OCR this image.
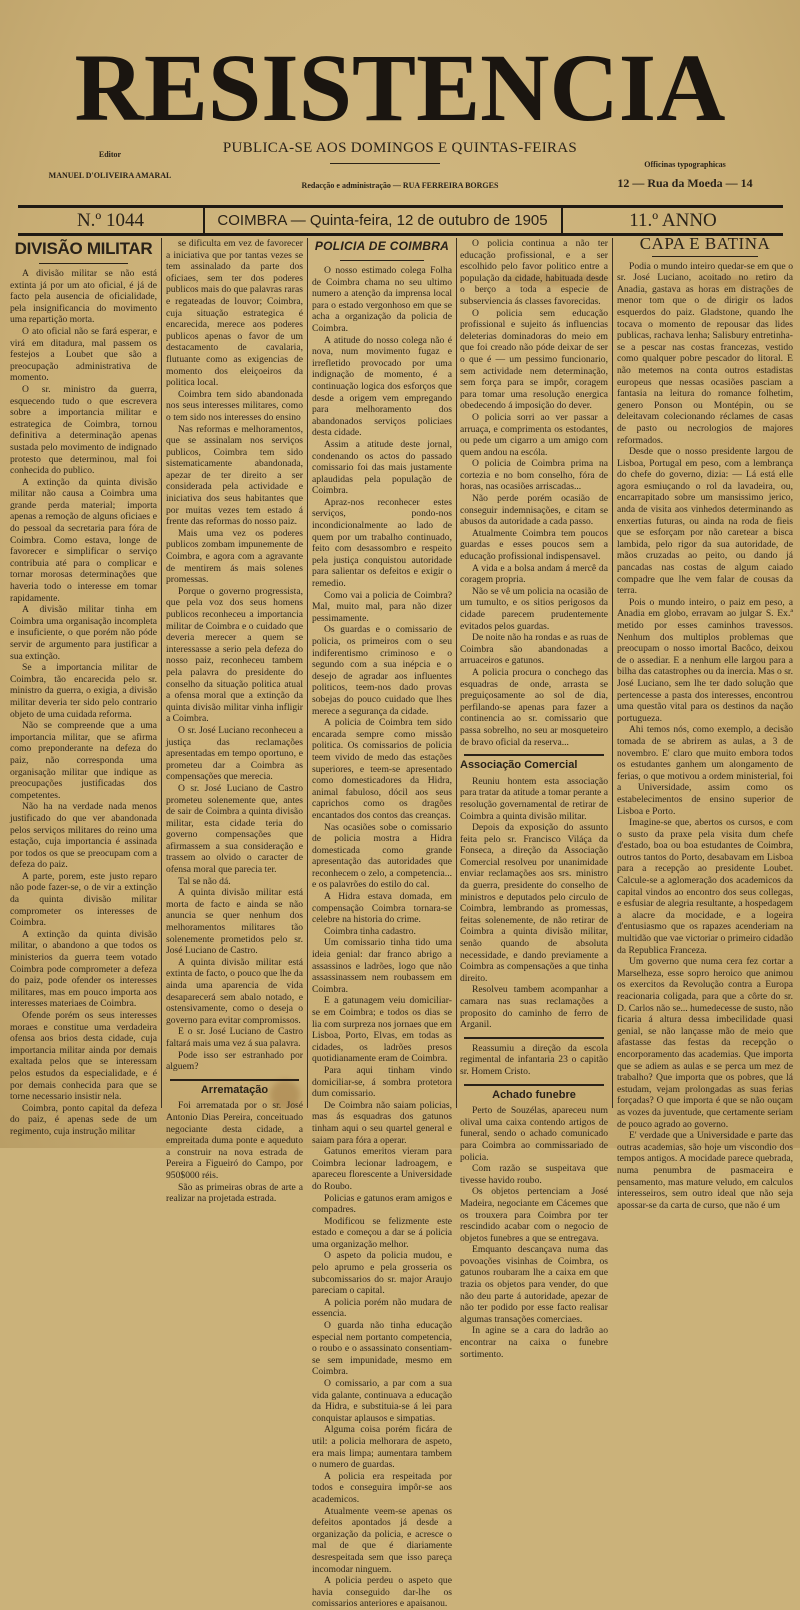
RESISTENCIA
PUBLICA-SE AOS DOMINGOS E QUINTAS-FEIRAS
Editor
MANUEL D'OLIVEIRA AMARAL
Redacção e administração — RUA FERREIRA BORGES
Officinas typographicas
12 — Rua da Moeda — 14
N.º 1044	COIMBRA — Quinta-feira, 12 de outubro de 1905	11.º ANNO
DIVISÃO MILITAR

A divisão militar se não está extinta já por um ato oficial, é já de facto pela ausencia de oficialidade, pela insignificancia do movimento uma repartição morta.

O ato oficial não se fará esperar, e virá em ditadura, mal passem os festejos a Loubet que são a preocupação administrativa de momento.

O sr. ministro da guerra, esquecendo tudo o que escrevera sobre a importancia militar e estrategica de Coimbra, tornou definitiva a determinação apenas sustada pelo movimento de indignado protesto que determinou, mal foi conhecida do publico.

A extinção da quinta divisão militar não causa a Coimbra uma grande perda material; importa apenas a remoção de alguns oficiaes e do pessoal da secretaria para fóra de Coimbra. Como estava, longe de favorecer e simplificar o serviço contribuia até para o complicar e tornar morosas determinações que haveria todo o interesse em tomar rapidamente.

A divisão militar tinha em Coimbra uma organisação incompleta e insuficiente, o que porém não póde servir de argumento para justificar a sua extinção.

Se a importancia militar de Coimbra, tão encarecida pelo sr. ministro da guerra, o exigia, a divisão militar deveria ter sido pelo contrario objeto de uma cuidada reforma.

Não se compreende que a uma importancia militar, que se afirma como preponderante na defeza do paiz, não corresponda uma organisação militar que indique as preocupações justificadas dos competentes.

Não ha na verdade nada menos justificado do que ver abandonada pelos serviços militares do reino uma estação, cuja importancia é assinada por todos os que se preocupam com a defeza do paiz.

A parte, porem, este justo reparo não pode fazer-se, o de vir a extinção da quinta divisão militar comprometer os interesses de Coimbra.

A extinção da quinta divisão militar, o abandono a que todos os ministerios da guerra teem votado Coimbra pode comprometer a defeza do paiz, pode ofender os interesses militares, mas em pouco importa aos interesses materiaes de Coimbra.

Ofende porém os seus interesses moraes e constitue uma verdadeira ofensa aos brios desta cidade, cuja importancia militar ainda por demais exaltada pelos que se interessam pelos estudos da especialidade, e é por demais conhecida para que se torne necessario insistir nela.

Coimbra, ponto capital da defeza do paiz, é apenas sede de um regimento, cuja instrução militar

se dificulta em vez de favorecer a iniciativa que por tantas vezes se tem assinalado da parte dos oficiaes, sem ter dos poderes publicos mais do que palavras raras e regateadas de louvor; Coimbra, cuja situação estrategica é encarecida, merece aos poderes publicos apenas o favor de um destacamento de cavalaria, flutuante como as exigencias de momento dos eleiçoeiros da politica local.

Coimbra tem sido abandonada nos seus interesses militares, como o tem sido nos interesses do ensino

Nas reformas e melhoramentos, que se assinalam nos serviços publicos, Coimbra tem sido sistematicamente abandonada, apezar de ter direito a ser considerada pela actividade e iniciativa dos seus habitantes que por muitas vezes tem estado á frente das reformas do nosso paiz.

Mais uma vez os poderes publicos zombam impunemente de Coimbra, e agora com a agravante de mentirem ás mais solenes promessas.

Porque o governo progressista, que pela voz dos seus homens publicos reconheceu a importancia militar de Coimbra e o cuidado que deveria merecer a quem se interessasse a serio pela defeza do nosso paiz, reconheceu tambem pela palavra do presidente do conselho da situação politica atual a ofensa moral que a extinção da quinta divisão militar vinha infligir a Coimbra.

O sr. José Luciano reconheceu a justiça das reclamações apresentadas em tempo oportuno, e prometeu dar a Coimbra as compensações que merecia.

O sr. José Luciano de Castro prometeu solenemente que, antes de sair de Coimbra a quinta divisão militar, esta cidade teria do governo compensações que afirmassem a sua consideração e trassem ao olvido o caracter de ofensa moral que parecia ter.

Tal se não dá.

A quinta divisão militar está morta de facto e ainda se não anuncia se quer nenhum dos melhoramentos militares tão solenemente prometidos pelo sr. José Luciano de Castro.

A quinta divisão militar está extinta de facto, o pouco que lhe da ainda uma aparencia de vida desaparecerá sem abalo notado, e ostensivamente, como o deseja o governo para evitar compromissos.

E o sr. José Luciano de Castro faltará mais uma vez á sua palavra.

Pode isso ser estranhado por alguem?

Arrematação

Foi arrematada por o sr. José Antonio Dias Pereira, conceituado negociante desta cidade, a empreitada duma ponte e aqueduto a construir na nova estrada de Pereira a Figueiró do Campo, por 950$000 réis.

São as primeiras obras de arte a realizar na projetada estrada.

POLICIA DE COIMBRA

O nosso estimado colega Folha de Coimbra chama no seu ultimo numero a atenção da imprensa local para o estado vergonhoso em que se acha a organização da policia de Coimbra.

A atitude do nosso colega não é nova, num movimento fugaz e irrefletido provocado por uma indignação de momento, é a continuação logica dos esforços que desde a origem vem empregando para melhoramento dos abandonados serviços policiaes desta cidade.

Assim a atitude deste jornal, condenando os actos do passado comissario foi das mais justamente aplaudidas pela população de Coimbra.

Apraz-nos reconhecer estes serviços, pondo-nos incondicionalmente ao lado de quem por um trabalho continuado, feito com desassombro e respeito pela justiça conquistou autoridade para salientar os defeitos e exigir o remedio.

Como vai a policia de Coimbra? Mal, muito mal, para não dizer pessimamente.

Os guardas e o comissario de policia, os primeiros com o seu indiferentismo criminoso e o segundo com a sua inépcia e o desejo de agradar aos influentes politicos, teem-nos dado provas sobejas do pouco cuidado que lhes merece a segurança da cidade.

A policia de Coimbra tem sido encarada sempre como missão politica. Os comissarios de policia teem vivido de medo das estações superiores, e teem-se apresentado como domesticadores da Hidra, animal fabuloso, dócil aos seus caprichos como os dragões encantados dos contos das creanças.

Nas ocasiões sobe o comissario de policia mostra a Hidra domesticada como grande apresentação das autoridades que reconhecem o zelo, a competencia... e os palavrões do estilo do cal.

A Hidra estava domada, em compensação Coimbra tornara-se celebre na historia do crime.

Coimbra tinha cadastro.

Um comissario tinha tido uma ideia genial: dar franco abrigo a assassinos e ladrões, logo que não assassinassem nem roubassem em Coimbra.

E a gatunagem veiu domiciliar-se em Coimbra; e todos os dias se lia com surpreza nos jornaes que em Lisboa, Porto, Elvas, em todas as cidades, os ladrões presos quotidianamente eram de Coimbra.

Para aqui tinham vindo domiciliar-se, á sombra protetora dum comissario.

De Coimbra não saiam policias, mas ás esquadras dos gatunos tinham aqui o seu quartel general e saiam para fóra a operar.

Gatunos emeritos vieram para Coimbra lecionar ladroagem, e apareceu florescente a Universidade do Roubo.

Policias e gatunos eram amigos e compadres.

Modificou se felizmente este estado e começou a dar se á policia uma organização melhor.

O aspeto da policia mudou, e pelo aprumo e pela grosseria os subcomissarios do sr. major Araujo pareciam o capital.

A policia porém não mudara de essencia.

O guarda não tinha educação especial nem portanto competencia, o roubo e o assassinato consentiam-se sem impunidade, mesmo em Coimbra.

O comissario, a par com a sua vida galante, continuava a educação da Hidra, e substituia-se á lei para conquistar aplausos e simpatias.

Alguma coisa porém ficára de util: a policia melhorara de aspeto, era mais limpa; aumentara tambem o numero de guardas.

A policia era respeitada por todos e conseguira impôr-se aos academicos.

Atualmente veem-se apenas os defeitos apontados já desde a organização da policia, e acresce o mal de que é diariamente desrespeitada sem que isso pareça incomodar ninguem.

A policia perdeu o aspeto que havia conseguido dar-lhe os comissarios anteriores e apaisanou.

O policia continua a não ter educação profissional, e a ser escolhido pelo favor politico entre a população da cidade, habituada desde o berço a toda a especie de subserviencia ás classes favorecidas.

O policia sem educação profissional e sujeito ás influencias deleterias dominadoras do meio em que foi creado não póde deixar de ser o que é — um pessimo funcionario, sem actividade nem determinação, sem força para se impôr, coragem para tomar uma resolução energica obedecendo á imposição do dever.

O policia sorri ao ver passar a arruaça, e comprimenta os estodantes, ou pede um cigarro a um amigo com quem andou na escóla.

O policia de Coimbra prima na cortezia e no bom conselho, fóra de horas, nas ocasiões arriscadas...

Não perde porém ocasião de conseguir indemnisações, e citam se abusos da autoridade a cada passo.

Atualmente Coimbra tem poucos guardas e esses poucos sem a educação profissional indispensavel.

A vida e a bolsa andam á mercê da coragem propria.

Não se vê um policia na ocasião de um tumulto, e os sitios perigosos da cidade parecem prudentemente evitados pelos guardas.

De noite não ha rondas e as ruas de Coimbra são abandonadas a arruaceiros e gatunos.

A policia procura o conchego das esquadras de onde, arrasta se preguiçosamente ao sol de dia, perfilando-se apenas para fazer a continencia ao sr. comissario que passa sobrelho, no seu ar mosqueteiro de bravo oficial da reserva...

Associação Comercial

Reuniu hontem esta associação para tratar da atitude a tomar perante a resolução governamental de retirar de Coimbra a quinta divisão militar.

Depois da exposição do assunto feita pelo sr. Francisco Viláça da Fonseca, a direção da Associação Comercial resolveu por unanimidade enviar reclamações aos srs. ministro da guerra, presidente do conselho de ministros e deputados pelo circulo de Coimbra, lembrando as promessas, feitas solenemente, de não retirar de Coimbra a quinta divisão militar, senão quando de absoluta necessidade, e dando previamente a Coimbra as compensações a que tinha direito.

Resolveu tambem acompanhar a camara nas suas reclamações a proposito do caminho de ferro de Arganil.

Reassumiu a direção da escola regimental de infantaria 23 o capitão sr. Homem Cristo.

Achado funebre

Perto de Souzélas, apareceu num olival uma caixa contendo artigos de funeral, sendo o achado comunicado para Coimbra ao commissariado de policia.

Com razão se suspeitava que tivesse havido roubo.

Os objetos pertenciam a José Madeira, negociante em Cácemes que os trouxera para Coimbra por ter rescindido acabar com o negocio de objetos funebres a que se entregava.

Emquanto descançava numa das povoações visinhas de Coimbra, os gatunos roubaram lhe a caixa em que trazia os objetos para vender, do que não deu parte á autoridade, apezar de não ter podido por esse facto realisar algumas transações comerciaes.

In agine se a cara do ladrão ao encontrar na caixa o funebre sortimento.

CAPA E BATINA

Podia o mundo inteiro quedar-se em que o sr. José Luciano, acoitado no retiro da Anadia, gastava as horas em distrações de menor tom que o de dirigir os lados esquerdos do paiz. Gladstone, quando lhe tocava o momento de repousar das lides publicas, rachava lenha; Salisbury entretinha-se a pescar nas costas francezas, vestido como qualquer pobre pescador do litoral. E não metemos na conta outros estadistas europeus que nessas ocasiões pasciam a fantasia na leitura do romance folhetim, genero Ponson ou Montépin, ou se deleitavam colecionando réclames de casas de pasto ou necrologios de majores reformados.

Desde que o nosso presidente largou de Lisboa, Portugal em peso, com a lembrança do chefe do governo, dizia: — Lá está elle agora esmiuçando o rol da lavadeira, ou, encarrapitado sobre um mansissimo jerico, anda de visita aos vinhedos determinando as enxertias futuras, ou ainda na roda de fieis que se esforçam por não caretear a bisca lambida, pelo rigor da sua autoridade, de mãos cruzadas ao peito, ou dando já pancadas nas costas de algum caiado compadre que lhe vem falar de cousas da terra.

Pois o mundo inteiro, o paiz em peso, a Anadia em globo, erravam ao julgar S. Ex.ª metido por esses caminhos travessos. Nenhum dos multiplos problemas que preocupam o nosso imortal Bacôco, deixou de o assediar. E a nenhum elle largou para a bilha das catastrophes ou da inercia. Mas o sr. José Luciano, sem lhe ter dado solução que pertencesse a pasta dos interesses, encontrou uma questão vital para os destinos da nação portugueza.

Ahi temos nós, como exemplo, a decisão tomada de se abrirem as aulas, a 3 de novembro. E' claro que muito embora todos os estudantes ganhem um alongamento de ferias, o que motivou a ordem ministerial, foi a Universidade, assim como os estabelecimentos de ensino superior de Lisboa e Porto.

Imagine-se que, abertos os cursos, e com o susto da praxe pela visita dum chefe d'estado, boa ou boa estudantes de Coimbra, outros tantos do Porto, desabavam em Lisboa para a recepção ao presidente Loubet. Calcule-se a aglomeração dos academicos da capital vindos ao encontro dos seus collegas, e esfusiar de alegria resultante, a hospedagem a alacre da mocidade, e a logeira d'entusiasmo que os rapazes acenderiam na multidão que vae victoriar o primeiro cidadão da Republica Franceza.

Um governo que numa cera fez cortar a Marselheza, esse sopro heroico que animou os exercitos da Revolução contra a Europa reacionaria coligada, para que a côrte do sr. D. Carlos não se... humedecesse de susto, não ficaria á altura dessa imbecilidade quasi genial, se não lançasse mão de meio que afastasse das festas da recepção o encorporamento das academias. Que importa que se adiem as aulas e se perca um mez de trabalho? Que importa que os pobres, que lá estudam, vejam prolongadas as suas ferias forçadas? O que importa é que se não ouçam as vozes da juventude, que certamente seriam de pouco agrado ao governo.

E' verdade que a Universidade e parte das outras academias, são hoje um viscondio dos tempos antigos. A mocidade parece quebrada, numa penumbra de pasmaceira e pensamento, mas mature veludo, em calculos interesseiros, sem outro ideal que não seja apossar-se da carta de curso, que não é um
